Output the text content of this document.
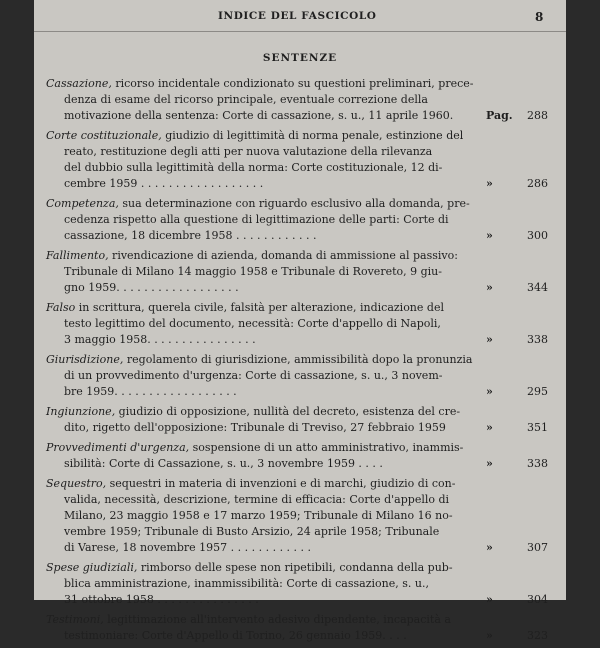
INDICE DEL FASCICOLO	8
SENTENZE
Cassazione, ricorso incidentale condizionato su questioni preliminari, prece-
denza di esame del ricorso principale, eventuale correzione della
motivazione della sentenza: Corte di cassazione, s. u., 11 aprile 1960.	Pag. 288
Corte costituzionale, giudizio di legittimità di norma penale, estinzione del
reato, restituzione degli atti per nuova valutazione della rilevanza
del dubbio sulla legittimità della norma: Corte costituzionale, 12 di-
cembre 1959 . . . . . . . . . . . . . . . . . .	»	286
Competenza, sua determinazione con riguardo esclusivo alla domanda, pre-
cedenza rispetto alla questione di legittimazione delle parti: Corte di
cassazione, 18 dicembre 1958 . . . . . . . . . . . .	»	300
Fallimento, rivendicazione di azienda, domanda di ammissione al passivo:
Tribunale di Milano 14 maggio 1958 e Tribunale di Rovereto, 9 giu-
gno 1959. . . . . . . . . . . . . . . . . .	»	344
Falso in scrittura, querela civile, falsità per alterazione, indicazione del
testo legittimo del documento, necessità: Corte d'appello di Napoli,
3 maggio 1958. . . . . . . . . . . . . . . .	»	338
Giurisdizione, regolamento di giurisdizione, ammissibilità dopo la pronunzia
di un provvedimento d'urgenza: Corte di cassazione, s. u., 3 novem-
bre 1959. . . . . . . . . . . . . . . . . .	»	295
Ingiunzione, giudizio di opposizione, nullità del decreto, esistenza del cre-
dito, rigetto dell'opposizione: Tribunale di Treviso, 27 febbraio 1959	»	351
Provvedimenti d'urgenza, sospensione di un atto amministrativo, inammis-
sibilità: Corte di Cassazione, s. u., 3 novembre 1959 . . . .	»	338
Sequestro, sequestri in materia di invenzioni e di marchi, giudizio di con-
valida, necessità, descrizione, termine di efficacia: Corte d'appello di
Milano, 23 maggio 1958 e 17 marzo 1959; Tribunale di Milano 16 no-
vembre 1959; Tribunale di Busto Arsizio, 24 aprile 1958; Tribunale
di Varese, 18 novembre 1957 . . . . . . . . . . . .	»	307
Spese giudiziali, rimborso delle spese non ripetibili, condanna della pub-
blica amministrazione, inammissibilità: Corte di cassazione, s. u.,
31 ottobre 1958 . . . . . . . . . . . . . . .	»	304
Testimoni, legittimazione all'intervento adesivo dipendente, incapacità a
testimoniare: Corte d'Appello di Torino, 26 gennaio 1959. . . .	»	323
